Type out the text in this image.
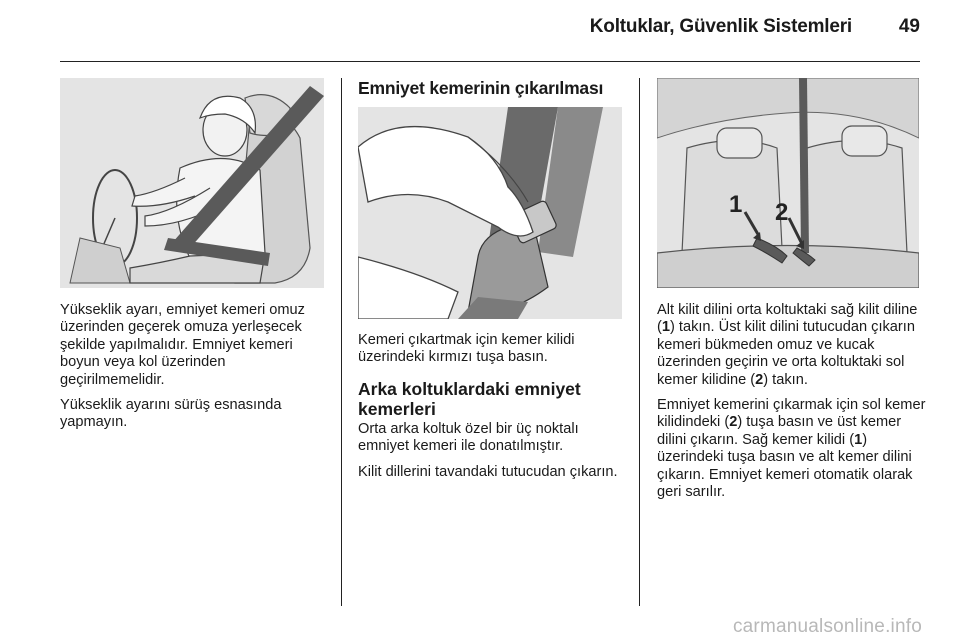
Koltuklar, Güvenlik Sistemleri 49

Yükseklik ayarı, emniyet kemeri omuz üzerinden geçerek omuza yerleşecek şekilde yapılmalıdır. Emniyet kemeri boyun veya kol üzerinden geçirilmemelidir.

Yükseklik ayarını sürüş esnasında yapmayın.

Emniyet kemerinin çıkarılması

Kemeri çıkartmak için kemer kilidi üzerindeki kırmızı tuşa basın.

Arka koltuklardaki emniyet kemerleri

Orta arka koltuk özel bir üç noktalı emniyet kemeri ile donatılmıştır.

Kilit dillerini tavandaki tutucudan çıkarın.

1 2

Alt kilit dilini orta koltuktaki sağ kilit diline (1) takın. Üst kilit dilini tutucudan çıkarın kemeri bükmeden omuz ve kucak üzerinden geçirin ve orta koltuktaki sol kemer kilidine (2) takın.

Emniyet kemerini çıkarmak için sol kemer kilidindeki (2) tuşa basın ve üst kemer dilini çıkarın. Sağ kemer kilidi (1) üzerindeki tuşa basın ve alt kemer dilini çıkarın. Emniyet kemeri otomatik olarak geri sarılır.

carmanualsonline.info
